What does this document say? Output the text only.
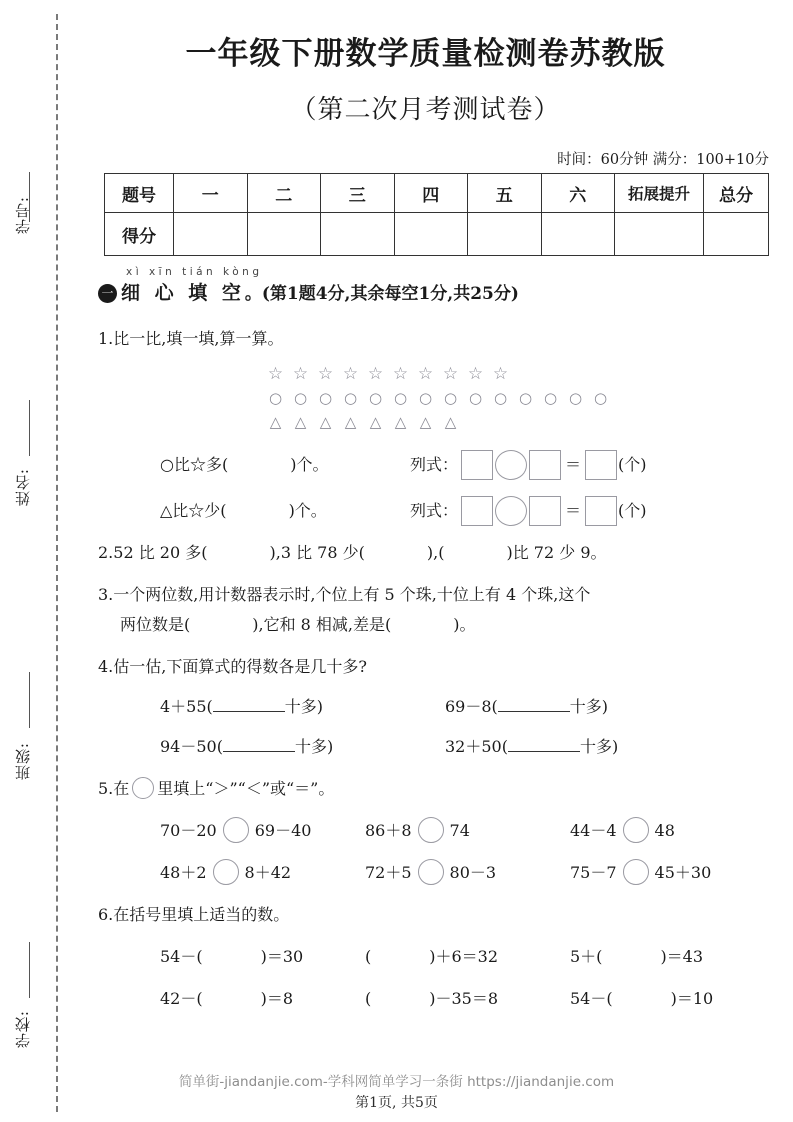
学号:
姓名:
班级:
学校:
一年级下册数学质量检测卷苏教版
（第二次月考测试卷）
时间：60分钟 满分：100+10分
题号	一	二	三	四	五	六	拓展提升	总分
得分								
xì xīn tián kòng
一 细 心 填 空。(第1题4分,其余每空1分,共25分)
1.比一比,填一填,算一算。
☆ ☆ ☆ ☆ ☆ ☆ ☆ ☆ ☆ ☆
○ ○ ○ ○ ○ ○ ○ ○ ○ ○ ○ ○ ○ ○
△ △ △ △ △ △ △ △
○比☆多(	)个。	列式：	＝ (个)
△比☆少(	)个。	列式：	＝ (个)
2.52 比 20 多(	),3 比 78 少(	),(	)比 72 少 9。
3.一个两位数,用计数器表示时,个位上有 5 个珠,十位上有 4 个珠,这个
两位数是(	),它和 8 相减,差是(	)。
4.估一估,下面算式的得数各是几十多?
4＋55(	十多)	69－8(	十多)
94－50(	十多)	32＋50(	十多)
5.在 里填上“＞”“＜”或“＝”。
70－20 69－40	86＋8 74	44－4 48
48＋2 8＋42	72＋5 80－3	75－7 45＋30
6.在括号里填上适当的数。
54－(	)＝30	(	)＋6＝32	5＋(	)＝43
42－(	)＝8	(	)－35＝8	54－(	)＝10
简单街-jiandanjie.com-学科网简单学习一条街 https://jiandanjie.com
第1页, 共5页
